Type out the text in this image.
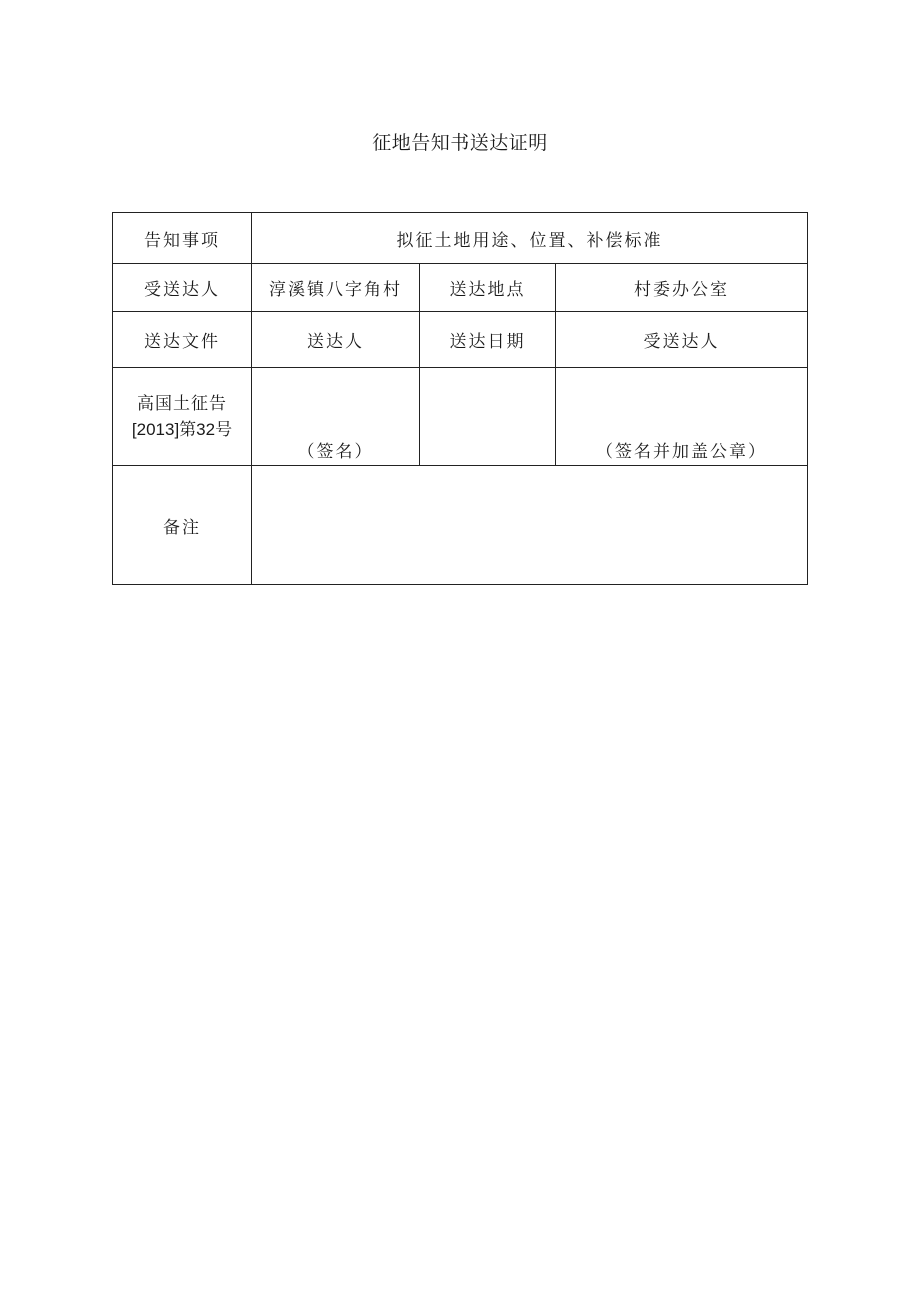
征地告知书送达证明
告知事项	拟征土地用途、位置、补偿标准		
受送达人	淳溪镇八字角村	送达地点	村委办公室
送达文件	送达人	送达日期	受送达人

高国土征告
[2013]第32号	（签名）		（签名并加盖公章）

备注			
